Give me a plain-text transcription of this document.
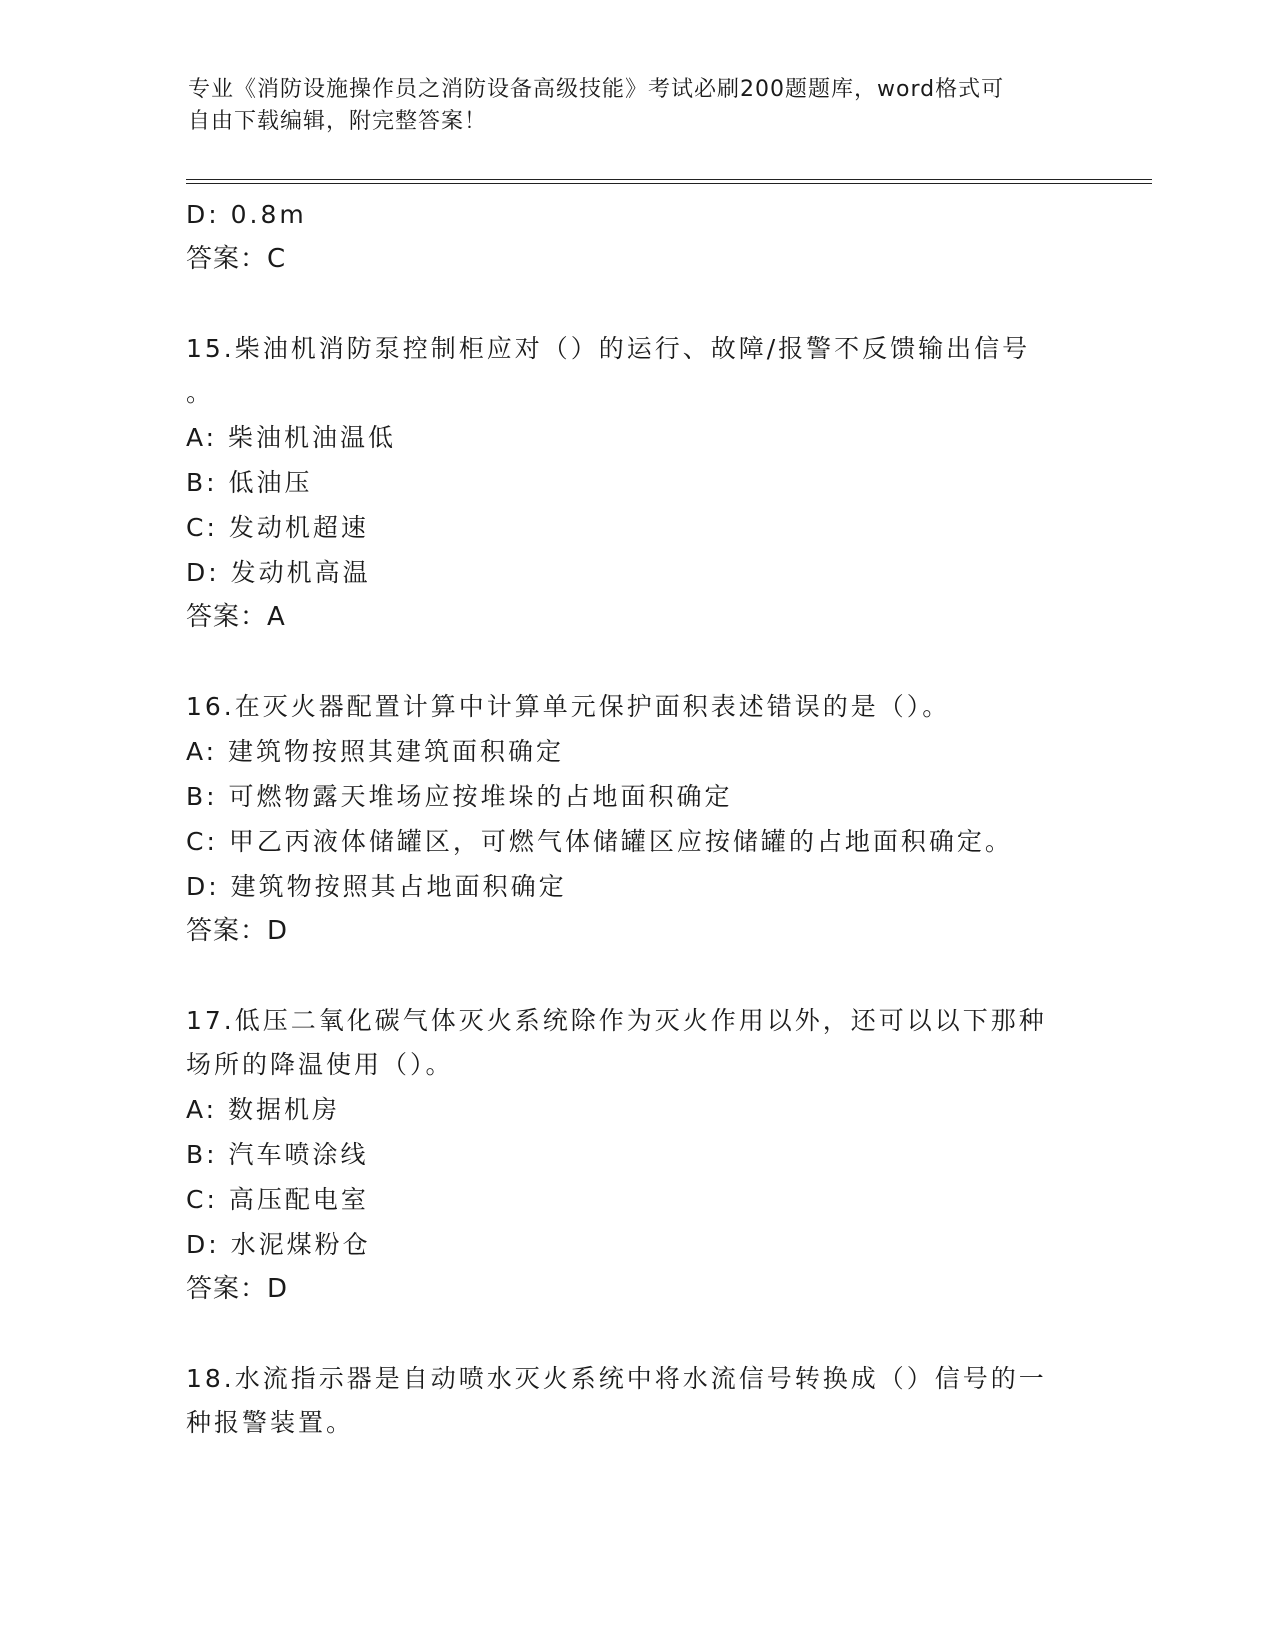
专业《消防设施操作员之消防设备高级技能》考试必刷200题题库，word格式可
自由下载编辑，附完整答案！

D: 0.8m

答案：C

15.柴油机消防泵控制柜应对（）的运行、故障/报警不反馈输出信号

。

A: 柴油机油温低

B: 低油压

C: 发动机超速

D: 发动机高温

答案：A

16.在灭火器配置计算中计算单元保护面积表述错误的是（）。

A: 建筑物按照其建筑面积确定

B: 可燃物露天堆场应按堆垛的占地面积确定

C: 甲乙丙液体储罐区，可燃气体储罐区应按储罐的占地面积确定。

D: 建筑物按照其占地面积确定

答案：D

17.低压二氧化碳气体灭火系统除作为灭火作用以外，还可以以下那种

场所的降温使用（）。

A: 数据机房

B: 汽车喷涂线

C: 高压配电室

D: 水泥煤粉仓

答案：D

18.水流指示器是自动喷水灭火系统中将水流信号转换成（）信号的一

种报警装置。
